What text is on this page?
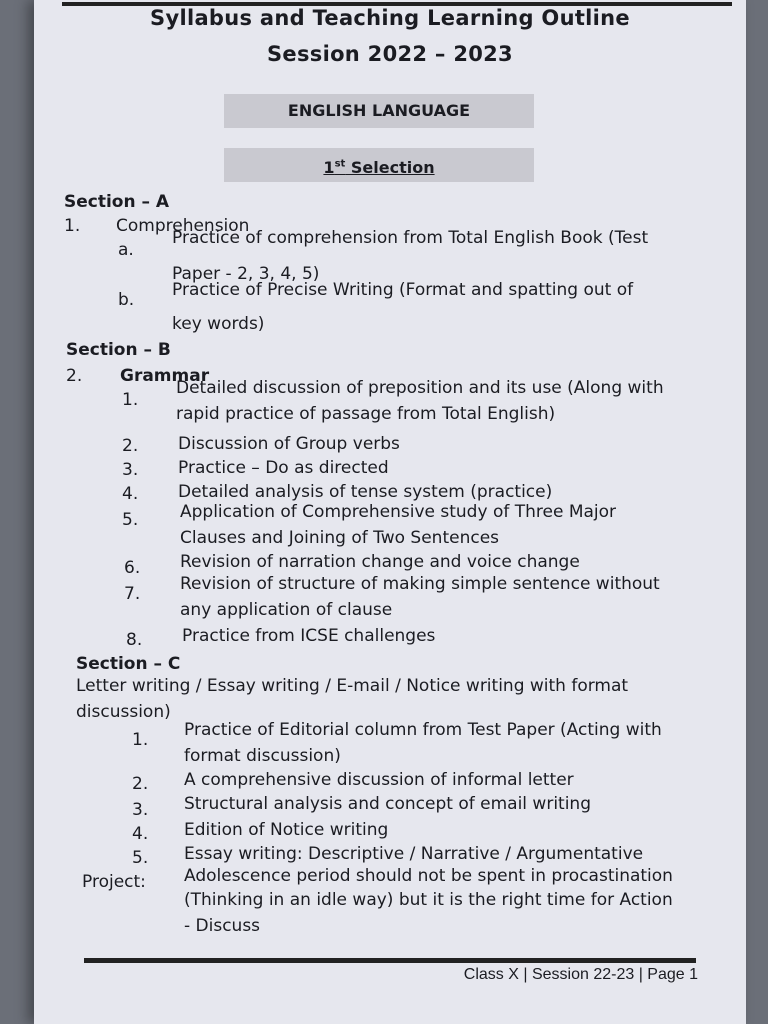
Syllabus and Teaching Learning Outline
Session 2022 – 2023
ENGLISH LANGUAGE
1st Selection
Section – A
1. Comprehension
a.
Practice of comprehension from Total English Book (Test
Paper - 2, 3, 4, 5)
b. Practice of Precise Writing (Format and spatting out of
key words)
Section – B
2. Grammar
1.
Detailed discussion of preposition and its use (Along with
rapid practice of passage from Total English)
2. Discussion of Group verbs
3. Practice – Do as directed
4. Detailed analysis of tense system (practice)
5. Application of Comprehensive study of Three Major
Clauses and Joining of Two Sentences
6. Revision of narration change and voice change
7. Revision of structure of making simple sentence without
any application of clause
8. Practice from ICSE challenges
Section – C
Letter writing / Essay writing / E-mail / Notice writing with format
discussion)
1. Practice of Editorial column from Test Paper (Acting with
format discussion)
2. A comprehensive discussion of informal letter
3. Structural analysis and concept of email writing
4. Edition of Notice writing
5. Essay writing: Descriptive / Narrative / Argumentative
Project: Adolescence period should not be spent in procastination
(Thinking in an idle way) but it is the right time for Action
- Discuss
Class X | Session 22-23 | Page 1
